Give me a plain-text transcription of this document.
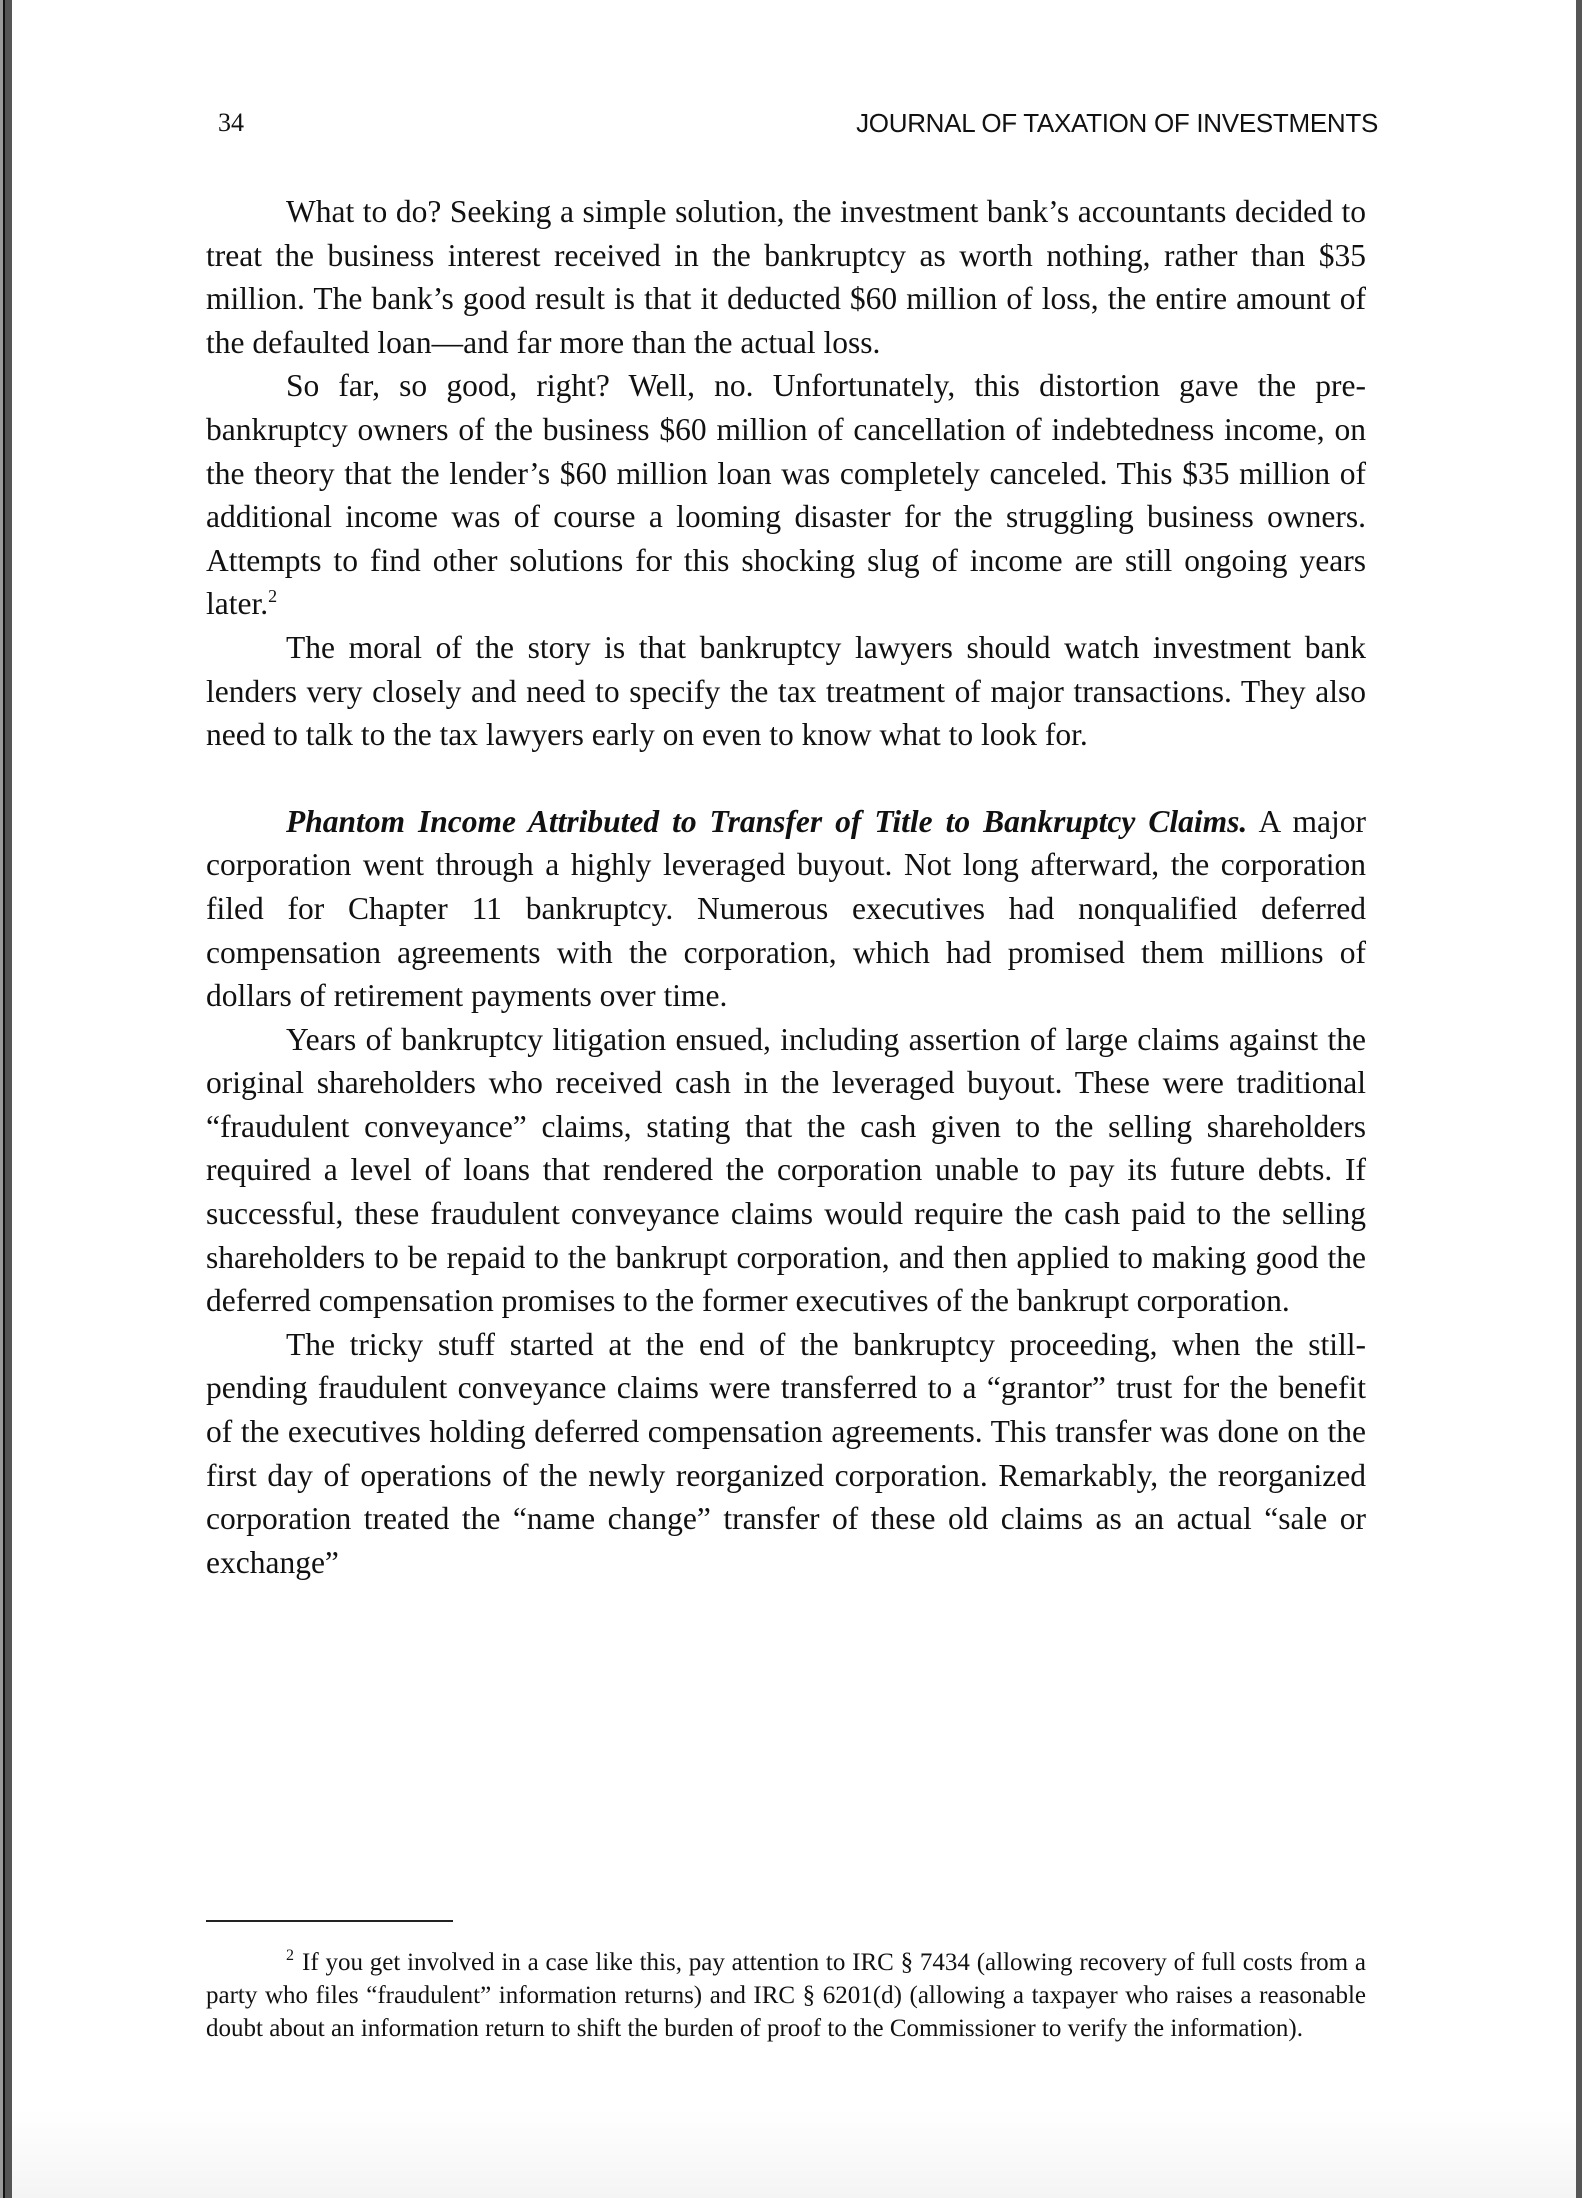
34	JOURNAL OF TAXATION OF INVESTMENTS

What to do? Seeking a simple solution, the investment bank’s accountants decided to treat the business interest received in the bankruptcy as worth nothing, rather than $35 million. The bank’s good result is that it deducted $60 million of loss, the entire amount of the defaulted loan—and far more than the actual loss.

So far, so good, right? Well, no. Unfortunately, this distortion gave the pre-bankruptcy owners of the business $60 million of cancellation of indebtedness income, on the theory that the lender’s $60 million loan was completely canceled. This $35 million of additional income was of course a looming disaster for the struggling business owners. Attempts to find other solutions for this shocking slug of income are still ongoing years later.$^2$

The moral of the story is that bankruptcy lawyers should watch investment bank lenders very closely and need to specify the tax treatment of major transactions. They also need to talk to the tax lawyers early on even to know what to look for.

Phantom Income Attributed to Transfer of Title to Bankruptcy Claims. A major corporation went through a highly leveraged buyout. Not long afterward, the corporation filed for Chapter 11 bankruptcy. Numerous executives had nonqualified deferred compensation agreements with the corporation, which had promised them millions of dollars of retirement payments over time.

Years of bankruptcy litigation ensued, including assertion of large claims against the original shareholders who received cash in the leveraged buyout. These were traditional “fraudulent conveyance” claims, stating that the cash given to the selling shareholders required a level of loans that rendered the corporation unable to pay its future debts. If successful, these fraudulent conveyance claims would require the cash paid to the selling shareholders to be repaid to the bankrupt corporation, and then applied to making good the deferred compensation promises to the former executives of the bankrupt corporation.

The tricky stuff started at the end of the bankruptcy proceeding, when the still-pending fraudulent conveyance claims were transferred to a “grantor” trust for the benefit of the executives holding deferred compensation agreements. This transfer was done on the first day of operations of the newly reorganized corporation. Remarkably, the reorganized corporation treated the “name change” transfer of these old claims as an actual “sale or exchange”

$^2$ If you get involved in a case like this, pay attention to IRC § 7434 (allowing recovery of full costs from a party who files “fraudulent” information returns) and IRC § 6201(d) (allowing a taxpayer who raises a reasonable doubt about an information return to shift the burden of proof to the Commissioner to verify the information).
